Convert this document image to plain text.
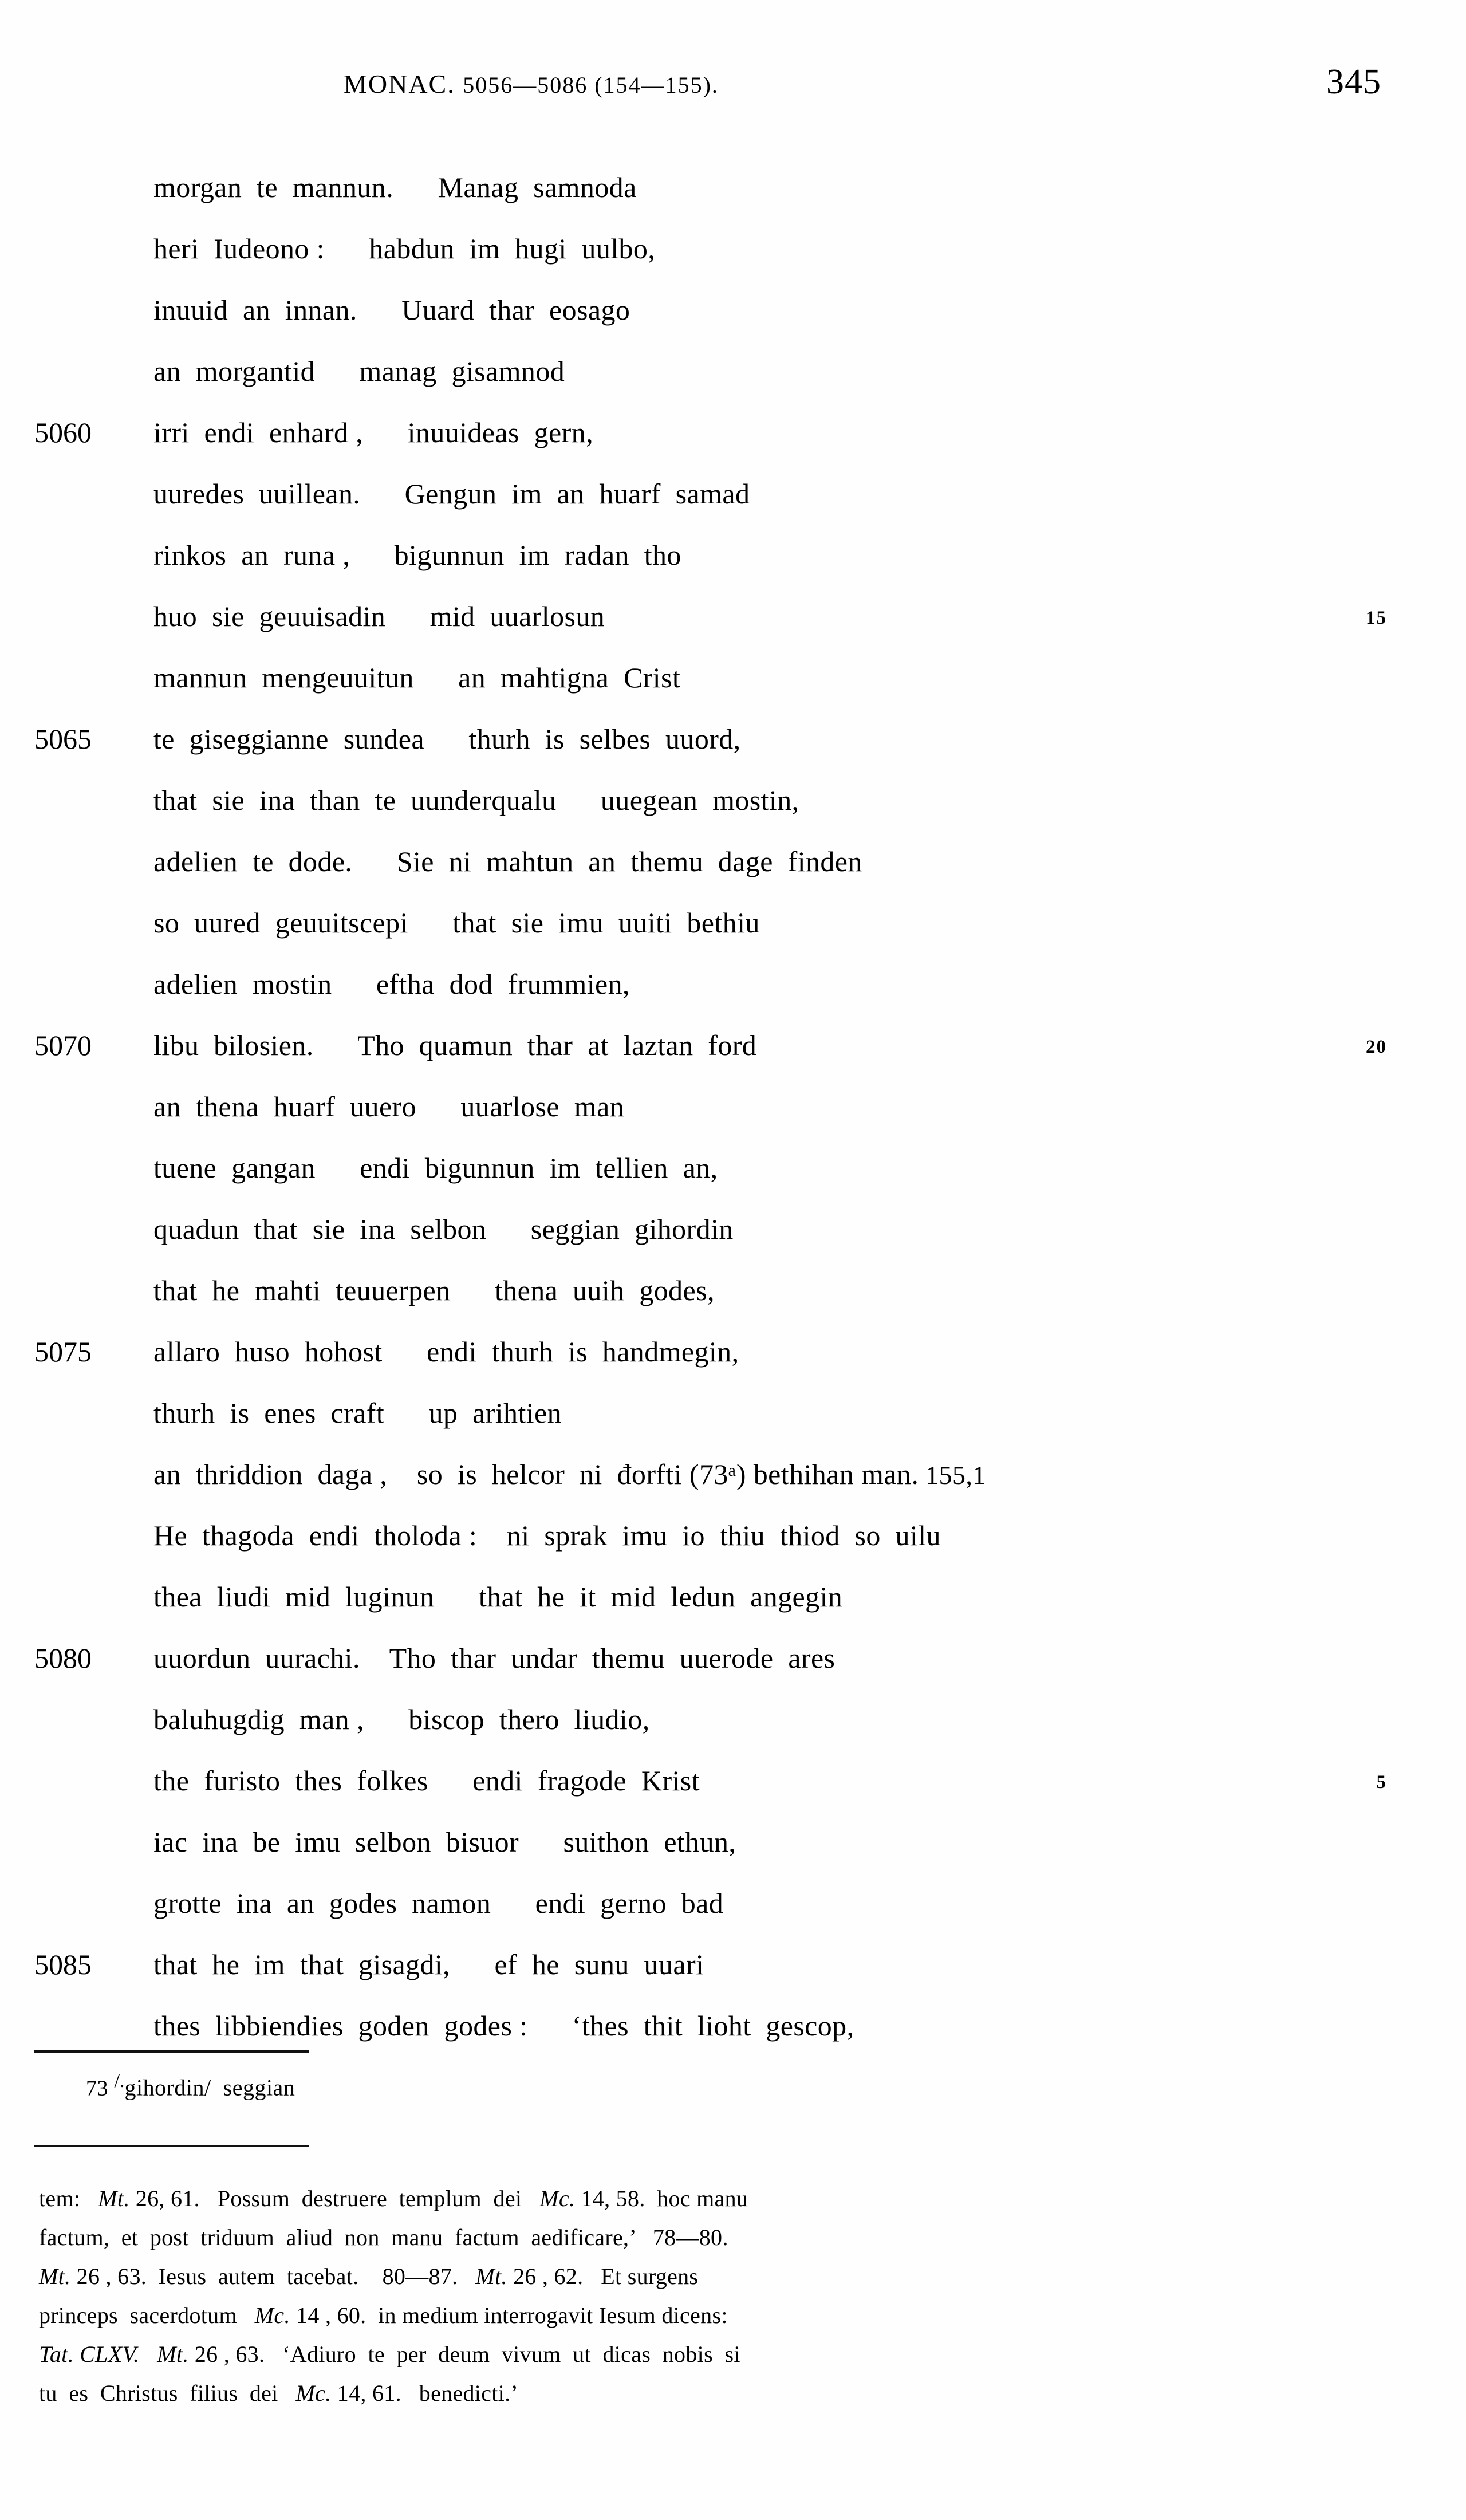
MONAC. 5056—5086 (154—155).	345
morgan  te  mannun.      Manag  samnoda
heri  Iudeono :      habdun  im  hugi  uulbo,
inuuid  an  innan.      Uuard  thar  eosago
an  morgantid      manag  gisamnod
5060	irri  endi  enhard ,      inuuideas  gern,
uuredes  uuillean.      Gengun  im  an  huarf  samad
rinkos  an  runa ,      bigunnun  im  radan  tho
huo  sie  geuuisadin      mid  uuarlosun	15
mannun  mengeuuitun      an  mahtigna  Crist
5065	te  giseggianne  sundea      thurh  is  selbes  uuord,
that  sie  ina  than  te  uunderqualu      uuegean  mostin,
adelien  te  dode.      Sie  ni  mahtun  an  themu  dage  finden
so  uured  geuuitscepi      that  sie  imu  uuiti  bethiu
adelien  mostin      eftha  dod  frummien,
5070	libu  bilosien.      Tho  quamun  thar  at  laztan  ford	20
an  thena  huarf  uuero      uuarlose  man
tuene  gangan      endi  bigunnun  im  tellien  an,
quadun  that  sie  ina  selbon      seggian  gihordin
that  he  mahti  teuuerpen      thena  uuih  godes,
5075	allaro  huso  hohost      endi  thurh  is  handmegin,
thurh  is  enes  craft      up  arihtien
an  thriddion  daga ,    so  is  helcor  ni  đorfti (73ᵃ) bethihan man. 155,1
He  thagoda  endi  tholoda :    ni  sprak  imu  io  thiu  thiod  so  uilu
thea  liudi  mid  luginun      that  he  it  mid  ledun  angegin
5080	uuordun  uurachi.    Tho  thar  undar  themu  uuerode  ares
baluhugdig  man ,      biscop  thero  liudio,
the  furisto  thes  folkes      endi  fragode  Krist	5
iac  ina  be  imu  selbon  bisuor      suithon  ethun,
grotte  ina  an  godes  namon      endi  gerno  bad
5085	that  he  im  that  gisagdi,      ef  he  sunu  uuari
thes  libbiendies  goden  godes :      ‘thes  thit  lioht  gescop,
73 /.gihordin/ seggian
tem:   Mt. 26, 61.   Possum  destruere  templum  dei   Mc. 14, 58.  hoc manu
factum,  et  post  triduum  aliud  non  manu  factum  aedificare,’   78—80.
Mt. 26 , 63.  Iesus  autem  tacebat.    80—87.   Mt. 26 , 62.   Et surgens
princeps  sacerdotum   Mc. 14 , 60.  in medium interrogavit Iesum dicens:
Tat. CLXV. Mt. 26 , 63.   ‘Adiuro  te  per  deum  vivum  ut  dicas  nobis  si
tu  es  Christus  filius  dei   Mc. 14, 61.   benedicti.’
